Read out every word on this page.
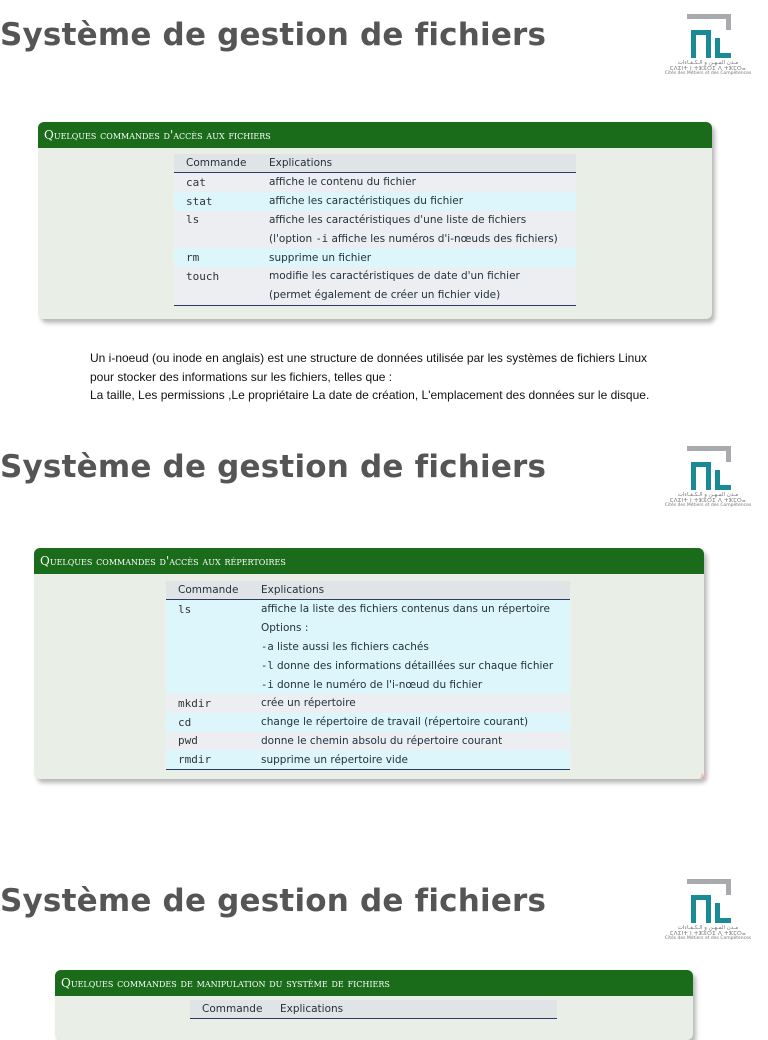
Système de gestion de fichiers
مـدن المـهـن و الـكـفـاءات
ⵎⴷⵉⵏⵜ ⵏ ⵜⵣⵓⵔⵉ ⴷ ⵜⵣⵎⵔⴰ
Cités des Métiers et des Compétences
Quelques commandes d'accès aux fichiers
Commande	Explications
cat	affiche le contenu du fichier
stat	affiche les caractéristiques du fichier
ls	affiche les caractéristiques d'une liste de fichiers
	(l'option -i affiche les numéros d'i-nœuds des fichiers)
rm	supprime un fichier
touch	modifie les caractéristiques de date d'un fichier
	(permet également de créer un fichier vide)

Un i-noeud (ou inode en anglais) est une structure de données utilisée par les systèmes de fichiers Linux

pour stocker des informations sur les fichiers, telles que :

La taille, Les permissions ,Le propriétaire La date de création, L'emplacement des données sur le disque.

Système de gestion de fichiers
مـدن المـهـن و الـكـفـاءات
ⵎⴷⵉⵏⵜ ⵏ ⵜⵣⵓⵔⵉ ⴷ ⵜⵣⵎⵔⴰ
Cités des Métiers et des Compétences
Quelques commandes d'accès aux répertoires
Commande	Explications
ls	affiche la liste des fichiers contenus dans un répertoire
	Options :
	-a liste aussi les fichiers cachés
	-l donne des informations détaillées sur chaque fichier
	-i donne le numéro de l'i-nœud du fichier
mkdir	crée un répertoire
cd	change le répertoire de travail (répertoire courant)
pwd	donne le chemin absolu du répertoire courant
rmdir	supprime un répertoire vide
ℓℓ
Système de gestion de fichiers
مـدن المـهـن و الـكـفـاءات
ⵎⴷⵉⵏⵜ ⵏ ⵜⵣⵓⵔⵉ ⴷ ⵜⵣⵎⵔⴰ
Cités des Métiers et des Compétences
Quelques commandes de manipulation du système de fichiers
Commande	Explications
